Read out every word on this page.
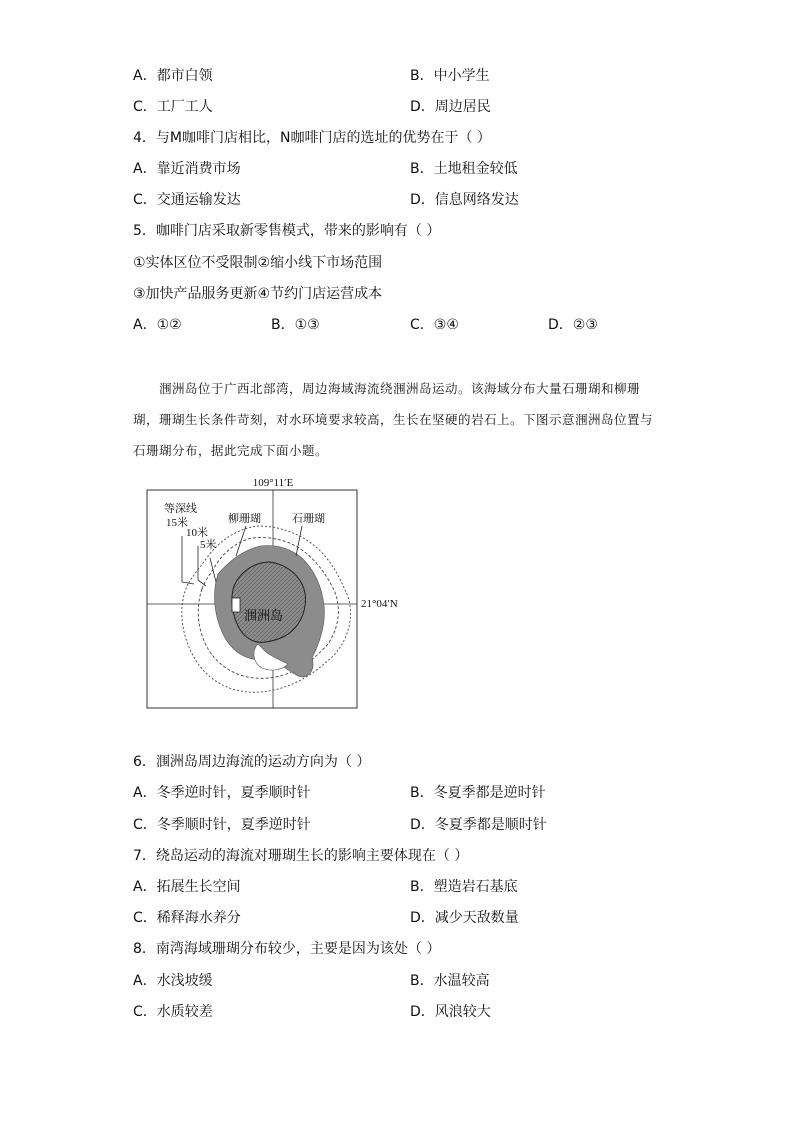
A．都市白领	B．中小学生
C．工厂工人	D．周边居民
4．与M咖啡门店相比，N咖啡门店的选址的优势在于（ ）
A．靠近消费市场	B．土地租金较低
C．交通运输发达	D．信息网络发达
5．咖啡门店采取新零售模式，带来的影响有（ ）
①实体区位不受限制②缩小线下市场范围
③加快产品服务更新④节约门店运营成本
A．①②	B．①③	C．③④	D．②③
涠洲岛位于广西北部湾，周边海域海流绕涠洲岛运动。该海域分布大量石珊瑚和柳珊瑚，珊瑚生长条件苛刻，对水环境要求较高，生长在坚硬的岩石上。下图示意涠洲岛位置与石珊瑚分布，据此完成下面小题。
109°11′E
21°04′N
等深线
15米
10米
5米
柳珊瑚	石珊瑚
涠洲岛
6．涠洲岛周边海流的运动方向为（ ）
A．冬季逆时针，夏季顺时针	B．冬夏季都是逆时针
C．冬季顺时针，夏季逆时针	D．冬夏季都是顺时针
7．绕岛运动的海流对珊瑚生长的影响主要体现在（ ）
A．拓展生长空间	B．塑造岩石基底
C．稀释海水养分	D．减少天敌数量
8．南湾海域珊瑚分布较少，主要是因为该处（ ）
A．水浅坡缓	B．水温较高
C．水质较差	D．风浪较大
